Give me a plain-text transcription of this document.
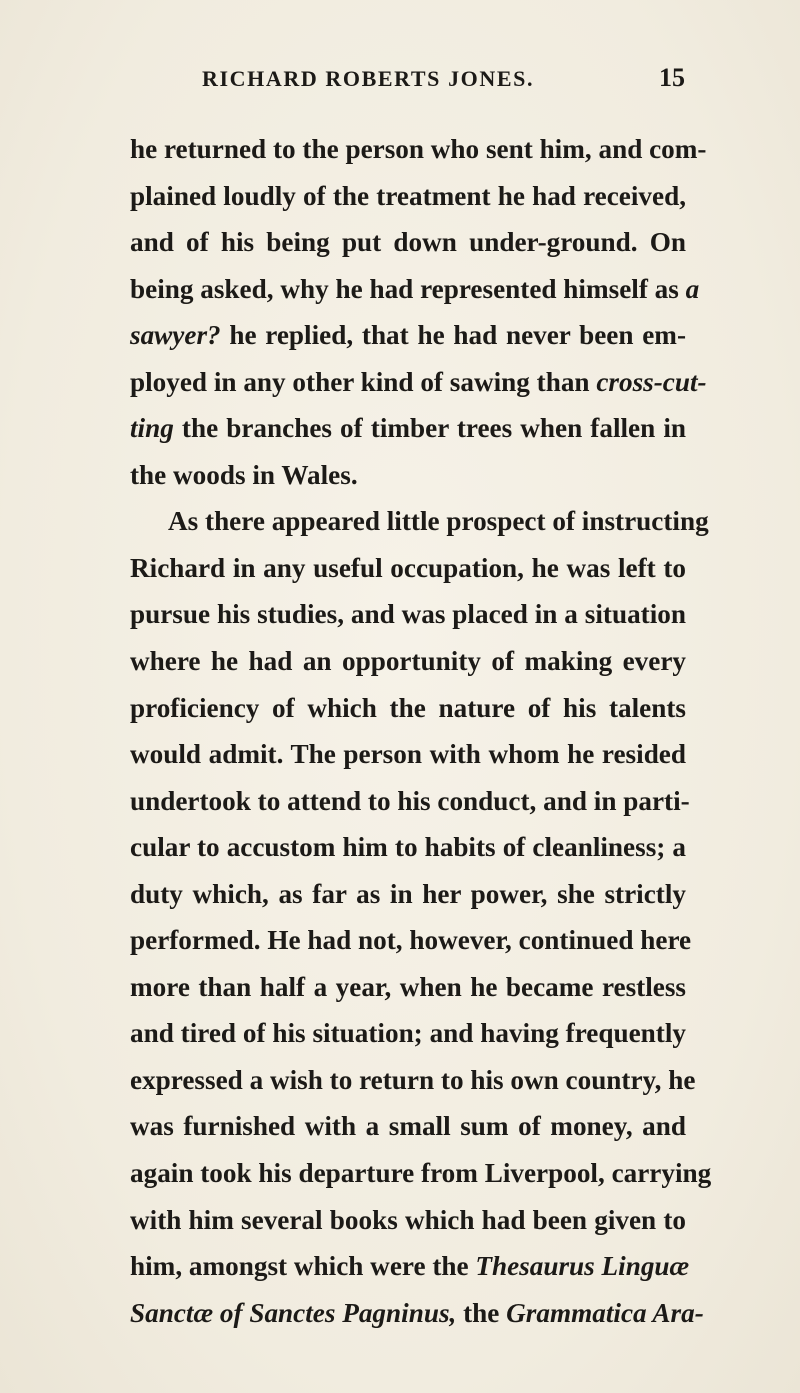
RICHARD ROBERTS JONES.	15
he returned to the person who sent him, and com-
plained loudly of the treatment he had received,
and of his being put down under-ground. On
being asked, why he had represented himself as a
sawyer? he replied, that he had never been em-
ployed in any other kind of sawing than cross-cut-
ting the branches of timber trees when fallen in
the woods in Wales.
As there appeared little prospect of instructing
Richard in any useful occupation, he was left to
pursue his studies, and was placed in a situation
where he had an opportunity of making every
proficiency of which the nature of his talents
would admit. The person with whom he resided
undertook to attend to his conduct, and in parti-
cular to accustom him to habits of cleanliness; a
duty which, as far as in her power, she strictly
performed. He had not, however, continued here
more than half a year, when he became restless
and tired of his situation; and having frequently
expressed a wish to return to his own country, he
was furnished with a small sum of money, and
again took his departure from Liverpool, carrying
with him several books which had been given to
him, amongst which were the Thesaurus Linguæ
Sanctæ of Sanctes Pagninus, the Grammatica Ara-
